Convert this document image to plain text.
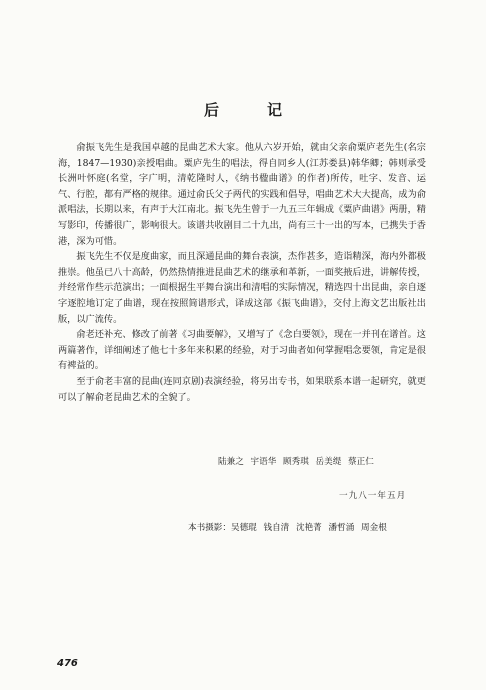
后记

俞振飞先生是我国卓越的昆曲艺术大家。他从六岁开始，就由父亲俞粟庐老先生(名宗海，1847—1930)亲授唱曲。粟庐先生的唱法，得自同乡人(江苏娄县)韩华卿；韩则承受长洲叶怀庭(名堂，字广明，清乾隆时人，《纳书楹曲谱》的作者)所传，吐字、发音、运气、行腔，都有严格的规律。通过俞氏父子两代的实践和倡导，唱曲艺术大大提高，成为俞派唱法，长期以来，有声于大江南北。振飞先生曾于一九五三年辑成《粟庐曲谱》两册，精写影印，传播很广，影响很大。该谱共收剧目二十九出，尚有三十一出的写本，已携失于香港，深为可惜。

振飞先生不仅是度曲家，而且深通昆曲的舞台表演，杰作甚多，造诣精深，海内外都极推崇。他虽已八十高龄，仍然热情推进昆曲艺术的继承和革新，一面奖掖后进，讲解传授，并经常作些示范演出；一面根据生平舞台演出和清唱的实际情况，精选四十出昆曲，亲自逐字逐腔地订定了曲谱，现在按照简谱形式，译成这部《振飞曲谱》，交付上海文艺出版社出版，以广流传。

俞老还补充、修改了前著《习曲要解》，又增写了《念白要领》，现在一并刊在谱首。这两篇著作，详细阐述了他七十多年来积累的经验，对于习曲者如何掌握唱念要领，肯定是很有裨益的。

至于俞老丰富的昆曲(连同京剧)表演经验，将另出专书，如果联系本谱一起研究，就更可以了解俞老昆曲艺术的全貌了。

陆兼之 宇语华 顾秀琪 岳美缇 蔡正仁
一九八一年五月
本书摄影：吴德琨 钱自清 沈艳菁 潘哲涌 周金根
476
